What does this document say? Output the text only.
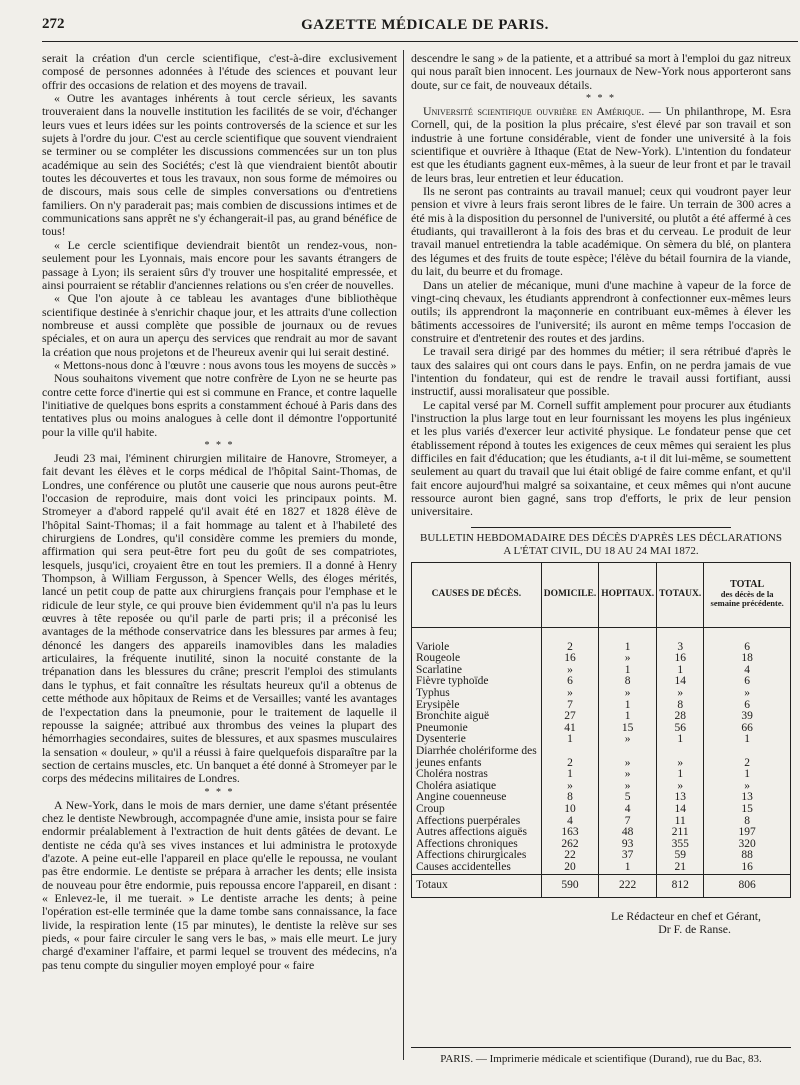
272	GAZETTE MÉDICALE DE PARIS.

serait la création d'un cercle scientifique, c'est-à-dire exclusivement composé de personnes adonnées à l'étude des sciences et pouvant leur offrir des occasions de relation et des moyens de travail.

« Outre les avantages inhérents à tout cercle sérieux, les savants trouveraient dans la nouvelle institution les facilités de se voir, d'échanger leurs vues et leurs idées sur les points controversés de la science et sur les sujets à l'ordre du jour. C'est au cercle scientifique que souvent viendraient se terminer ou se compléter les discussions commencées sur un ton plus académique au sein des Sociétés; c'est là que viendraient bientôt aboutir toutes les découvertes et tous les travaux, non sous forme de mémoires ou de discours, mais sous celle de simples conversations ou d'entretiens familiers. On n'y paraderait pas; mais combien de discussions intimes et de communications sans apprêt ne s'y échangerait-il pas, au grand bénéfice de tous!

« Le cercle scientifique deviendrait bientôt un rendez-vous, non-seulement pour les Lyonnais, mais encore pour les savants étrangers de passage à Lyon; ils seraient sûrs d'y trouver une hospitalité empressée, et ainsi pourraient se rétablir d'anciennes relations ou s'en créer de nouvelles.

« Que l'on ajoute à ce tableau les avantages d'une bibliothèque scientifique destinée à s'enrichir chaque jour, et les attraits d'une collection nombreuse et aussi complète que possible de journaux ou de revues spéciales, et on aura un aperçu des services que rendrait au mor de savant la création que nous projetons et de l'heureux avenir qui lui serait destiné.

« Mettons-nous donc à l'œuvre : nous avons tous les moyens de succès »

Nous souhaitons vivement que notre confrère de Lyon ne se heurte pas contre cette force d'inertie qui est si commune en France, et contre laquelle l'initiative de quelques bons esprits a constamment échoué à Paris dans des tentatives plus ou moins analogues à celle dont il démontre l'opportunité pour la ville qu'il habite.

* * *

Jeudi 23 mai, l'éminent chirurgien militaire de Hanovre, Stromeyer, a fait devant les élèves et le corps médical de l'hôpital Saint-Thomas, de Londres, une conférence ou plutôt une causerie que nous aurons peut-être l'occasion de reproduire, mais dont voici les principaux points. M. Stromeyer a d'abord rappelé qu'il avait été en 1827 et 1828 élève de l'hôpital Saint-Thomas; il a fait hommage au talent et à l'habileté des chirurgiens de Londres, qu'il considère comme les premiers du monde, affirmation qui sera peut-être fort peu du goût de ses compatriotes, lesquels, jusqu'ici, croyaient être en tout les premiers. Il a donné à Henry Thompson, à William Fergusson, à Spencer Wells, des éloges mérités, lancé un petit coup de patte aux chirurgiens français pour l'emphase et le ridicule de leur style, ce qui prouve bien évidemment qu'il n'a pas lu leurs œuvres à tête reposée ou qu'il parle de parti pris; il a préconisé les avantages de la méthode conservatrice dans les blessures par armes à feu; dénoncé les dangers des appareils inamovibles dans les maladies articulaires, la fréquente inutilité, sinon la nocuité constante de la trépanation dans les blessures du crâne; prescrit l'emploi des stimulants dans le typhus, et fait connaître les résultats heureux qu'il a obtenus de cette méthode aux hôpitaux de Reims et de Versailles; vanté les avantages de l'expectation dans la pneumonie, pour le traitement de laquelle il repousse la saignée; attribué aux thrombus des veines la plupart des hémorrhagies secondaires, suites de blessures, et aux spasmes musculaires la sensation « douleur, » qu'il a réussi à faire quelquefois disparaître par la section de certains muscles, etc. Un banquet a été donné à Stromeyer par le corps des médecins militaires de Londres.

* * *

A New-York, dans le mois de mars dernier, une dame s'étant présentée chez le dentiste Newbrough, accompagnée d'une amie, insista pour se faire endormir préalablement à l'extraction de huit dents gâtées de devant. Le dentiste ne céda qu'à ses vives instances et lui administra le protoxyde d'azote. A peine eut-elle l'appareil en place qu'elle le repoussa, ne voulant pas être endormie. Le dentiste se prépara à arracher les dents; elle insista de nouveau pour être endormie, puis repoussa encore l'appareil, en disant : « Enlevez-le, il me tuerait. » Le dentiste arrache les dents; à peine l'opération est-elle terminée que la dame tombe sans connaissance, la face livide, la respiration lente (15 par minutes), le dentiste la relève sur ses pieds, « pour faire circuler le sang vers le bas, » mais elle meurt. Le jury chargé d'examiner l'affaire, et parmi lequel se trouvent des médecins, n'a pas tenu compte du singulier moyen employé pour « faire

descendre le sang » de la patiente, et a attribué sa mort à l'emploi du gaz nitreux qui nous paraît bien innocent. Les journaux de New-York nous apporteront sans doute, sur ce fait, de nouveaux détails.

* * *

Université scientifique ouvrière en Amérique. — Un philanthrope, M. Esra Cornell, qui, de la position la plus précaire, s'est élevé par son travail et son industrie à une fortune considérable, vient de fonder une université à la fois scientifique et ouvrière à Ithaque (Etat de New-York). L'intention du fondateur est que les étudiants gagnent eux-mêmes, à la sueur de leur front et par le travail de leurs bras, leur entretien et leur éducation.

Ils ne seront pas contraints au travail manuel; ceux qui voudront payer leur pension et vivre à leurs frais seront libres de le faire. Un terrain de 300 acres a été mis à la disposition du personnel de l'université, ou plutôt a été affermé à ces étudiants, qui travailleront à la fois des bras et du cerveau. Le produit de leur travail manuel entretiendra la table académique. On sèmera du blé, on plantera des légumes et des fruits de toute espèce; l'élève du bétail fournira de la viande, du lait, du beurre et du fromage.

Dans un atelier de mécanique, muni d'une machine à vapeur de la force de vingt-cinq chevaux, les étudiants apprendront à confectionner eux-mêmes leurs outils; ils apprendront la maçonnerie en contribuant eux-mêmes à élever les bâtiments accessoires de l'université; ils auront en même temps l'occasion de construire et d'entretenir des routes et des jardins.

Le travail sera dirigé par des hommes du métier; il sera rétribué d'après le taux des salaires qui ont cours dans le pays. Enfin, on ne perdra jamais de vue l'intention du fondateur, qui est de rendre le travail aussi fortifiant, aussi instructif, aussi moralisateur que possible.

Le capital versé par M. Cornell suffit amplement pour procurer aux étudiants l'instruction la plus large tout en leur fournissant les moyens les plus ingénieux et les plus variés d'exercer leur activité physique. Le fondateur pense que cet établissement répond à toutes les exigences de ceux mêmes qui seraient les plus difficiles en fait d'éducation; que les étudiants, a-t il dit lui-même, se soumettent seulement au quart du travail que lui était obligé de faire comme enfant, et qu'il fait encore aujourd'hui malgré sa soixantaine, et ceux mêmes qui n'ont aucune ressource auront bien gagné, sans trop d'efforts, le prix de leur pension universitaire.

BULLETIN HEBDOMADAIRE DES DÉCÈS D'APRÈS LES DÉCLARATIONS
A L'ÉTAT CIVIL, DU 18 AU 24 MAI 1872.
CAUSES DE DÉCÈS.	DOMICILE.	HOPITAUX.	TOTAUX.	TOTAL
des décès de la semaine précédente.

Variole	2	1	3	6
Rougeole	16	»	16	18
Scarlatine	»	1	1	4
Fièvre typhoïde	6	8	14	6
Typhus	»	»	»	»
Erysipèle	7	1	8	6
Bronchite aiguë	27	1	28	39
Pneumonie	41	15	56	66
Dysenterie	1	»	1	1
Diarrhée cholériforme des				
jeunes enfants	2	»	»	2
Choléra nostras	1	»	1	1
Choléra asiatique	»	»	»	»
Angine couenneuse	8	5	13	13
Croup	10	4	14	15
Affections puerpérales	4	7	11	8
Autres affections aiguës	163	48	211	197
Affections chroniques	262	93	355	320
Affections chirurgicales	22	37	59	88
Causes accidentelles	20	1	21	16
Totaux	590	222	812	806
Le Rédacteur en chef et Gérant,
Dr F. de Ranse.
PARIS. — Imprimerie médicale et scientifique (Durand), rue du Bac, 83.
